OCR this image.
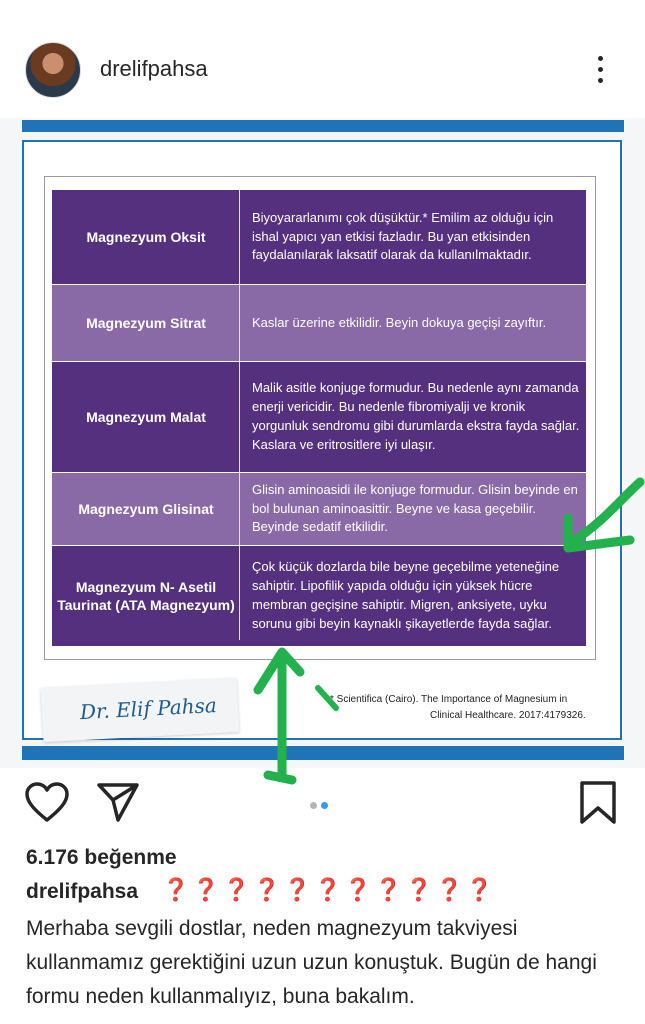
drelifpahsa
Magnezyum Oksit
Biyoyararlanımı çok düşüktür.* Emilim az olduğu için ishal yapıcı yan etkisi fazladır. Bu yan etkisinden faydalanılarak laksatif olarak da kullanılmaktadır.
Magnezyum Sitrat	Kaslar üzerine etkilidir. Beyin dokuya geçişi zayıftır.
Magnezyum Malat
Malik asitle konjuge formudur. Bu nedenle aynı zamanda enerji vericidir. Bu nedenle fibromiyalji ve kronik yorgunluk sendromu gibi durumlarda ekstra fayda sağlar. Kaslara ve eritrositlere iyi ulaşır.
Magnezyum Glisinat
Glisin aminoasidi ile konjuge formudur. Glisin beyinde en bol bulunan aminoasittir. Beyne ve kasa geçebilir. Beyinde sedatif etkilidir.
Magnezyum N- Asetil Taurinat (ATA Magnezyum)
Çok küçük dozlarda bile beyne geçebilme yeteneğine sahiptir. Lipofilik yapıda olduğu için yüksek hücre membran geçişine sahiptir. Migren, anksiyete, uyku sorunu gibi beyin kaynaklı şikayetlerde fayda sağlar.
Dr. Elif Pahsa	* Scientifica (Cairo). The Importance of Magnesium in
Clinical Healthcare. 2017:4179326.
6.176 beğenme
drelifpahsa ❓❓❓❓❓❓❓❓❓❓❓
Merhaba sevgili dostlar, neden magnezyum takviyesi kullanmamız gerektiğini uzun uzun konuştuk. Bugün de hangi formu neden kullanmalıyız, buna bakalım.
